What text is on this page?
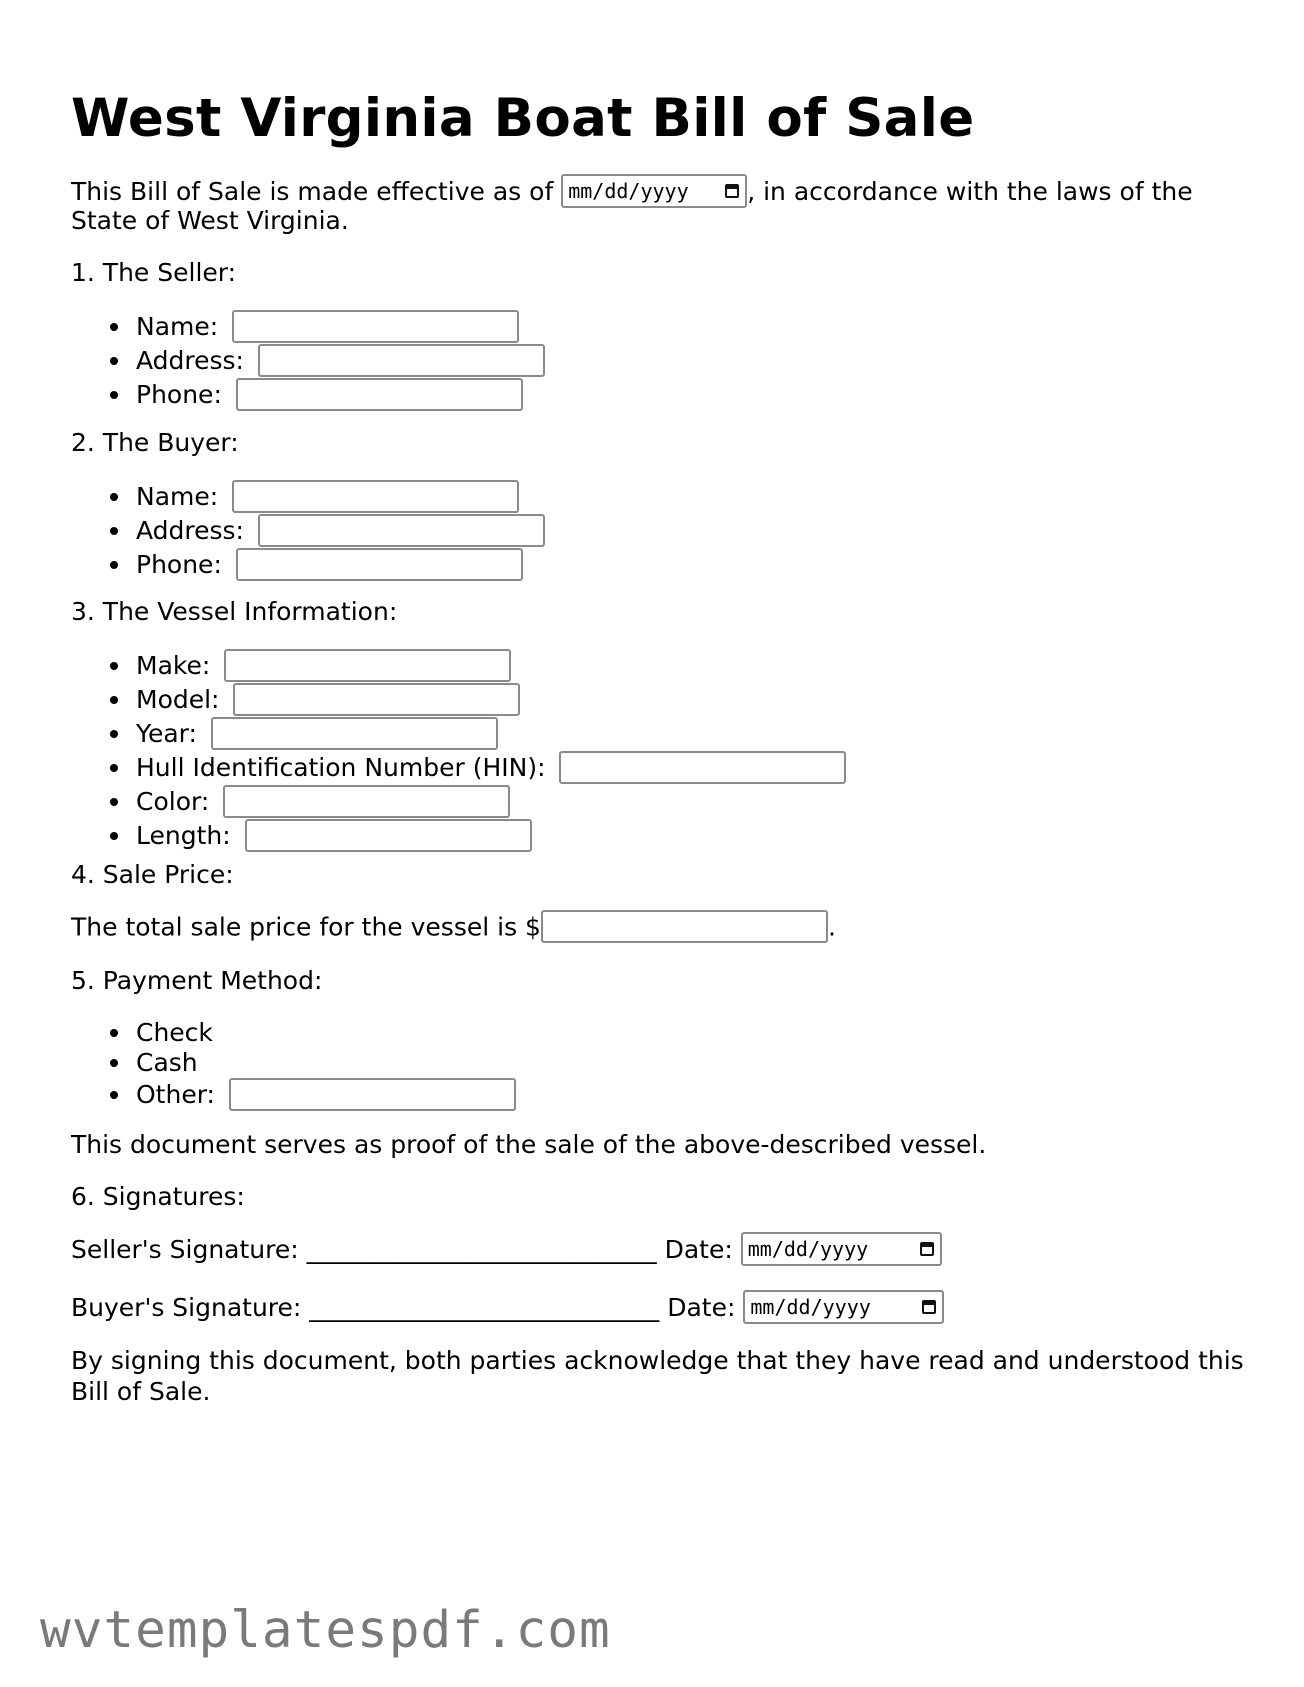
West Virginia Boat Bill of Sale
This Bill of Sale is made effective as of mm/dd/yyyy , in accordance with the laws of the
State of West Virginia.
1. The Seller:
Name:
Address:
Phone:
2. The Buyer:
Name:
Address:
Phone:
3. The Vessel Information:
Make:
Model:
Year:
Hull Identification Number (HIN):
Color:
Length:
4. Sale Price:
The total sale price for the vessel is $	.
5. Payment Method:
Check
Cash
Other:
This document serves as proof of the sale of the above-described vessel.
6. Signatures:
Seller's Signature: ____________________________ Date: mm/dd/yyyy
Buyer's Signature: ____________________________ Date: mm/dd/yyyy
By signing this document, both parties acknowledge that they have read and understood this Bill of Sale.
wvtemplatespdf.com
